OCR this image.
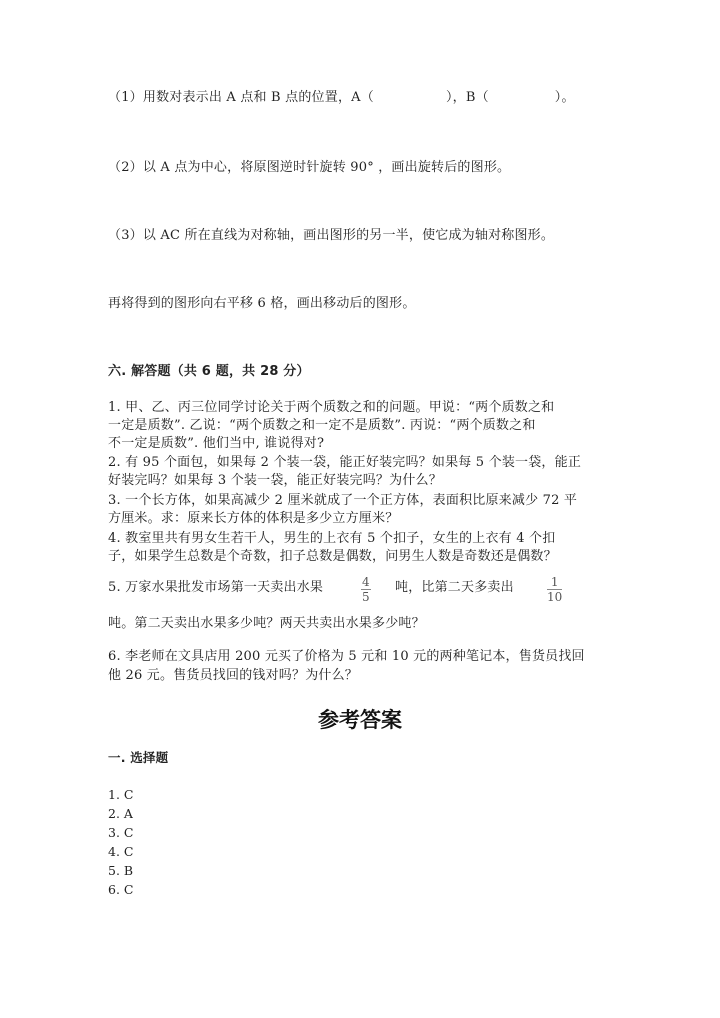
（1）用数对表示出 A 点和 B 点的位置，A（	），B（	）。
（2）以 A 点为中心，将原图逆时针旋转 90° ，画出旋转后的图形。
（3）以 AC 所在直线为对称轴，画出图形的另一半，使它成为轴对称图形。
再将得到的图形向右平移 6 格，画出移动后的图形。
六. 解答题（共 6 题，共 28 分）
1. 甲、乙、丙三位同学讨论关于两个质数之和的问题。甲说：“两个质数之和
一定是质数”. 乙说：“两个质数之和一定不是质数”. 丙说：“两个质数之和
不一定是质数”. 他们当中, 谁说得对?
2. 有 95 个面包，如果每 2 个装一袋，能正好装完吗？如果每 5 个装一袋，能正
好装完吗？如果每 3 个装一袋，能正好装完吗？为什么？
3. 一个长方体，如果高减少 2 厘米就成了一个正方体，表面积比原来减少 72 平
方厘米。求：原来长方体的体积是多少立方厘米？
4. 教室里共有男女生若干人，男生的上衣有 5 个扣子，女生的上衣有 4 个扣
子，如果学生总数是个奇数，扣子总数是偶数，问男生人数是奇数还是偶数？
5. 万家水果批发市场第一天卖出水果	$\frac{4}{5}$ 吨，比第二天多卖出	$\frac{1}{10}$
吨。第二天卖出水果多少吨？两天共卖出水果多少吨？
6. 李老师在文具店用 200 元买了价格为 5 元和 10 元的两种笔记本，售货员找回
他 26 元。售货员找回的钱对吗？为什么？
参考答案
一. 选择题
1. C
2. A
3. C
4. C
5. B
6. C
